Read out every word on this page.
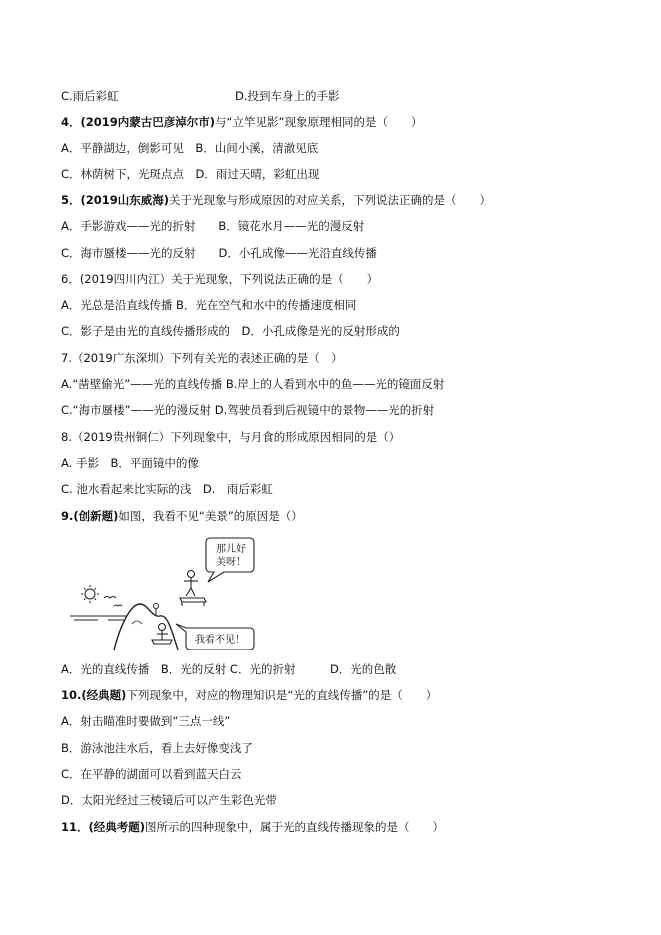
C.雨后彩虹	D.投到车身上的手影
4．(2019内蒙古巴彦淖尔市)与“立竿见影”现象原理相同的是（　　）
A．平静湖边，倒影可见　B．山间小溪，清澈见底
C．林荫树下，光斑点点　D．雨过天晴，彩虹出现
5．(2019山东威海)关于光现象与形成原因的对应关系，下列说法正确的是（　　）
A．手影游戏——光的折射　　B．镜花水月——光的漫反射
C．海市蜃楼——光的反射　　D．小孔成像——光沿直线传播
6．(2019四川内江）关于光现象，下列说法正确的是（　　）
A．光总是沿直线传播 B．光在空气和水中的传播速度相同
C．影子是由光的直线传播形成的　D．小孔成像是光的反射形成的
7.（2019广东深圳）下列有关光的表述正确的是（　）
A.“凿壁偷光”——光的直线传播 B.岸上的人看到水中的鱼——光的镜面反射
C.“海市蜃楼”——光的漫反射 D.驾驶员看到后视镜中的景物——光的折射
8.（2019贵州铜仁）下列现象中，与月食的形成原因相同的是（）
A. 手影　B．平面镜中的像
C. 池水看起来比实际的浅　D.　雨后彩虹
9.(创新题)如图，我看不见“美景”的原因是（）
那儿好
美呀！
我看不见！
A．光的直线传播　B．光的反射 C．光的折射　　　D．光的色散
10.(经典题)下列现象中，对应的物理知识是“光的直线传播”的是（　　）
A．射击瞄准时要做到“三点一线”
B．游泳池注水后，看上去好像变浅了
C．在平静的湖面可以看到蓝天白云
D．太阳光经过三棱镜后可以产生彩色光带
11．(经典考题)图所示的四种现象中，属于光的直线传播现象的是（　　）
